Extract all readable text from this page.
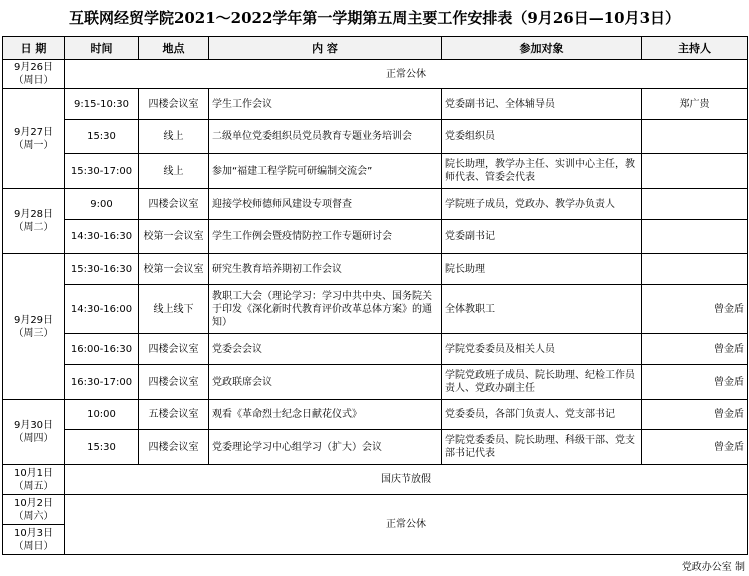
互联网经贸学院2021～2022学年第一学期第五周主要工作安排表（9月26日—10月3日）
日 期	时间	地点	内 容	参加对象	主持人
9月26日（周日）	正常公休				
9月27日（周一）	9:15-10:30	四楼会议室	学生工作会议	党委副书记、全体辅导员	郑广贵
	15:30	线上	二级单位党委组织员党员教育专题业务培训会	党委组织员	
	15:30-17:00	线上	参加“福建工程学院可研编制交流会”	院长助理，教学办主任、实训中心主任，教师代表、管委会代表	
9月28日（周二）	9:00	四楼会议室	迎接学校师德师风建设专项督查	学院班子成员，党政办、教学办负责人	
	14:30-16:30	校第一会议室	学生工作例会暨疫情防控工作专题研讨会	党委副书记	
9月29日（周三）	15:30-16:30	校第一会议室	研究生教育培养期初工作会议	院长助理	
	14:30-16:00	线上线下	教职工大会（理论学习：学习中共中央、国务院关于印发《深化新时代教育评价改革总体方案》的通知）	全体教职工	曾金盾
	16:00-16:30	四楼会议室	党委会会议	学院党委委员及相关人员	曾金盾
	16:30-17:00	四楼会议室	党政联席会议	学院党政班子成员、院长助理、纪检工作员责人、党政办副主任	曾金盾
9月30日（周四）	10:00	五楼会议室	观看《革命烈士纪念日献花仪式》	党委委员，各部门负责人、党支部书记	曾金盾
	15:30	四楼会议室	党委理论学习中心组学习（扩大）会议	学院党委委员、院长助理、科级干部、党支部书记代表	曾金盾
10月1日（周五）	国庆节放假				
10月2日（周六）	正常公休				
10月3日（周日）					
党政办公室 制
